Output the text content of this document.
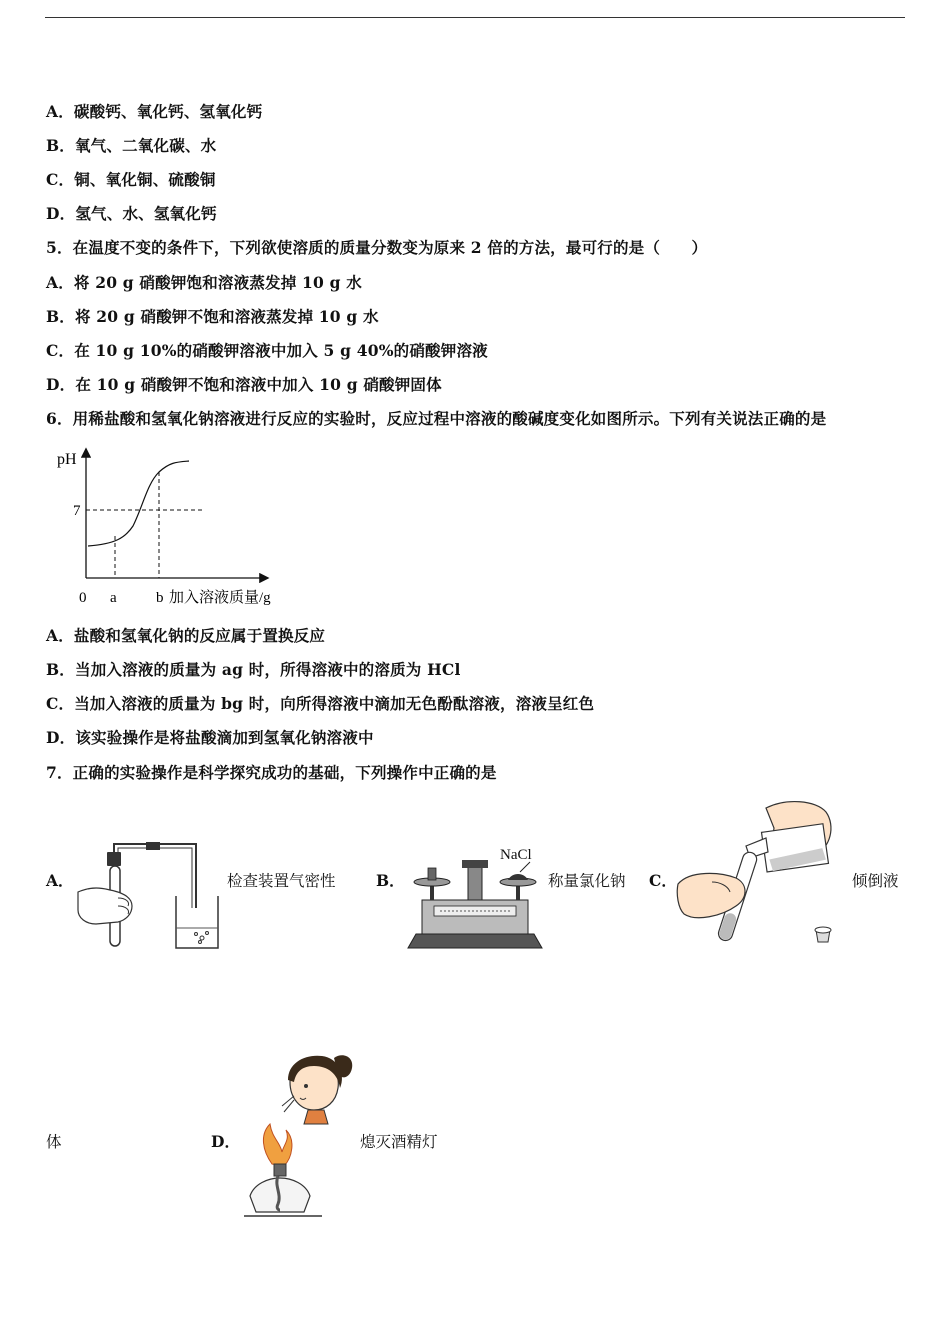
A．碳酸钙、氧化钙、氢氧化钙
B．氧气、二氧化碳、水
C．铜、氧化铜、硫酸铜
D．氢气、水、氢氧化钙
5．在温度不变的条件下，下列欲使溶质的质量分数变为原来 2 倍的方法，最可行的是（　　）
A．将 20 g 硝酸钾饱和溶液蒸发掉 10 g 水
B．将 20 g 硝酸钾不饱和溶液蒸发掉 10 g 水
C．在 10 g 10%的硝酸钾溶液中加入 5 g 40%的硝酸钾溶液
D．在 10 g 硝酸钾不饱和溶液中加入 10 g 硝酸钾固体
6．用稀盐酸和氢氧化钠溶液进行反应的实验时，反应过程中溶液的酸碱度变化如图所示。下列有关说法正确的是
pH
7
0 a	b 加入溶液质量/g
A．盐酸和氢氧化钠的反应属于置换反应
B．当加入溶液的质量为 ag 时，所得溶液中的溶质为 HCl
C．当加入溶液的质量为 bg 时，向所得溶液中滴加无色酚酞溶液，溶液呈红色
D．该实验操作是将盐酸滴加到氢氧化钠溶液中
7．正确的实验操作是科学探究成功的基础，下列操作中正确的是
A．	检查装置气密性	B．
NaCl
称量氯化钠 C．	倾倒液
体	D．	熄灭酒精灯
